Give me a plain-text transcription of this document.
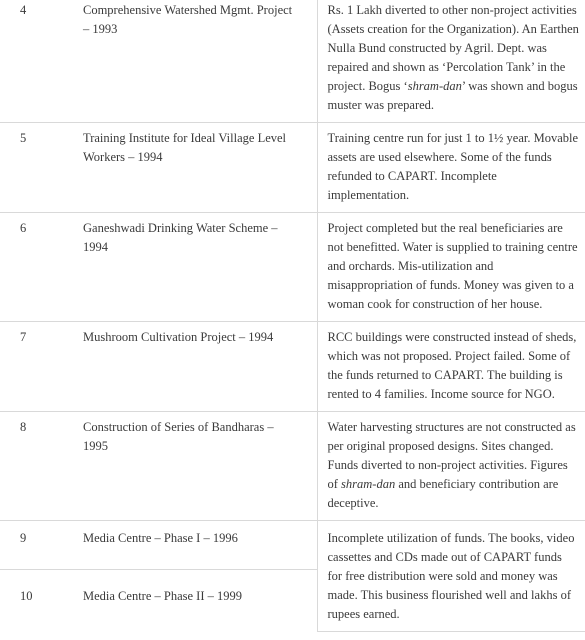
4	Comprehensive Watershed Mgmt. Project – 1993	Rs. 1 Lakh diverted to other non-project activities (Assets creation for the Organization). An Earthen Nulla Bund constructed by Agril. Dept. was repaired and shown as ‘Percolation Tank’ in the project. Bogus ‘shram-dan’ was shown and bogus muster was prepared.
5	Training Institute for Ideal Village Level Workers – 1994	Training centre run for just 1 to 1½ year. Movable assets are used elsewhere. Some of the funds refunded to CAPART. Incomplete implementation.
6	Ganeshwadi Drinking Water Scheme – 1994	Project completed but the real beneficiaries are not benefitted. Water is supplied to training centre and orchards. Mis-utilization and misappropriation of funds. Money was given to a woman cook for construction of her house.
7	Mushroom Cultivation Project – 1994	RCC buildings were constructed instead of sheds, which was not proposed. Project failed. Some of the funds returned to CAPART. The building is rented to 4 families. Income source for NGO.
8	Construction of Series of Bandharas – 1995	Water harvesting structures are not constructed as per original proposed designs. Sites changed. Funds diverted to non-project activities. Figures of shram-dan and beneficiary contribution are deceptive.
9	Media Centre – Phase I – 1996	Incomplete utilization of funds. The books, video cassettes and CDs made out of CAPART funds for free distribution were sold and money was made. This business flourished well and lakhs of rupees earned.
10	Media Centre – Phase II – 1999	
